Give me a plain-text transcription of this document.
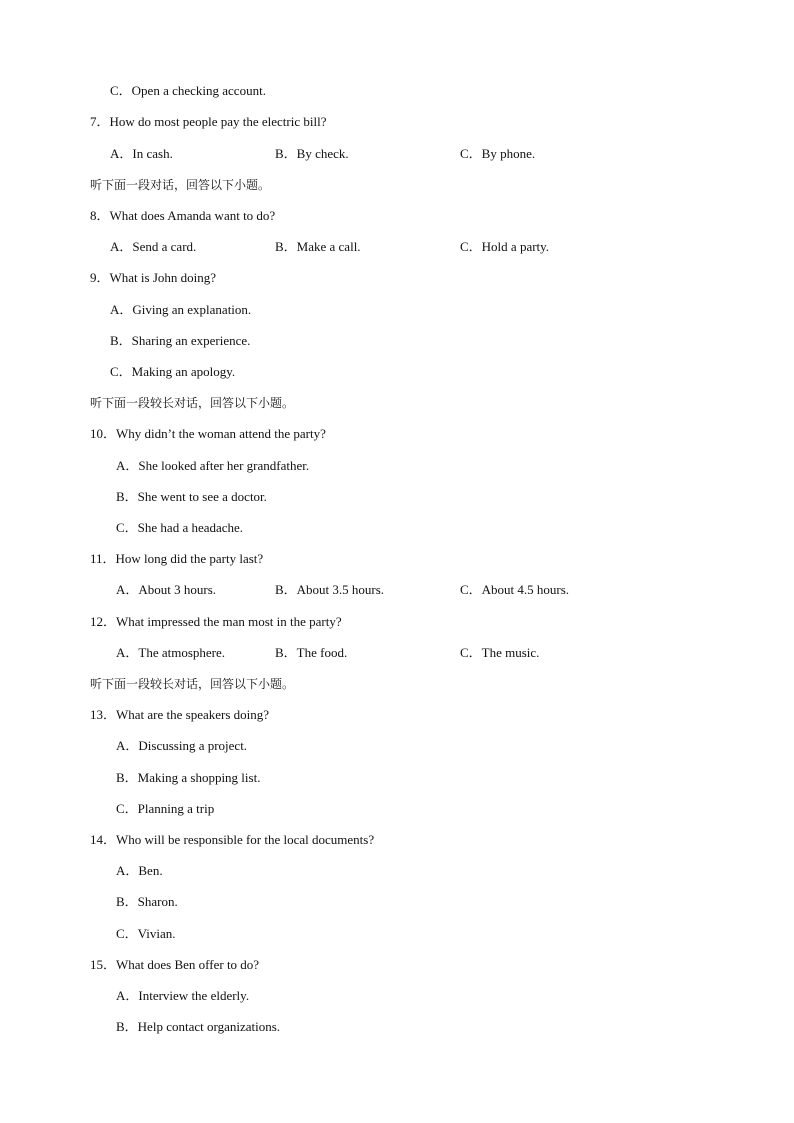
C．Open a checking account.
7．How do most people pay the electric bill?
A．In cash.	B．By check.	C．By phone.
听下面一段对话，回答以下小题。
8．What does Amanda want to do?
A．Send a card.	B．Make a call.	C．Hold a party.
9．What is John doing?
A．Giving an explanation.
B．Sharing an experience.
C．Making an apology.
听下面一段较长对话，回答以下小题。
10．Why didn’t the woman attend the party?
A．She looked after her grandfather.
B．She went to see a doctor.
C．She had a headache.
11．How long did the party last?
A．About 3 hours.	B．About 3.5 hours.	C．About 4.5 hours.
12．What impressed the man most in the party?
A．The atmosphere.	B．The food.	C．The music.
听下面一段较长对话，回答以下小题。
13．What are the speakers doing?
A．Discussing a project.
B．Making a shopping list.
C．Planning a trip
14．Who will be responsible for the local documents?
A．Ben.
B．Sharon.
C．Vivian.
15．What does Ben offer to do?
A．Interview the elderly.
B．Help contact organizations.
